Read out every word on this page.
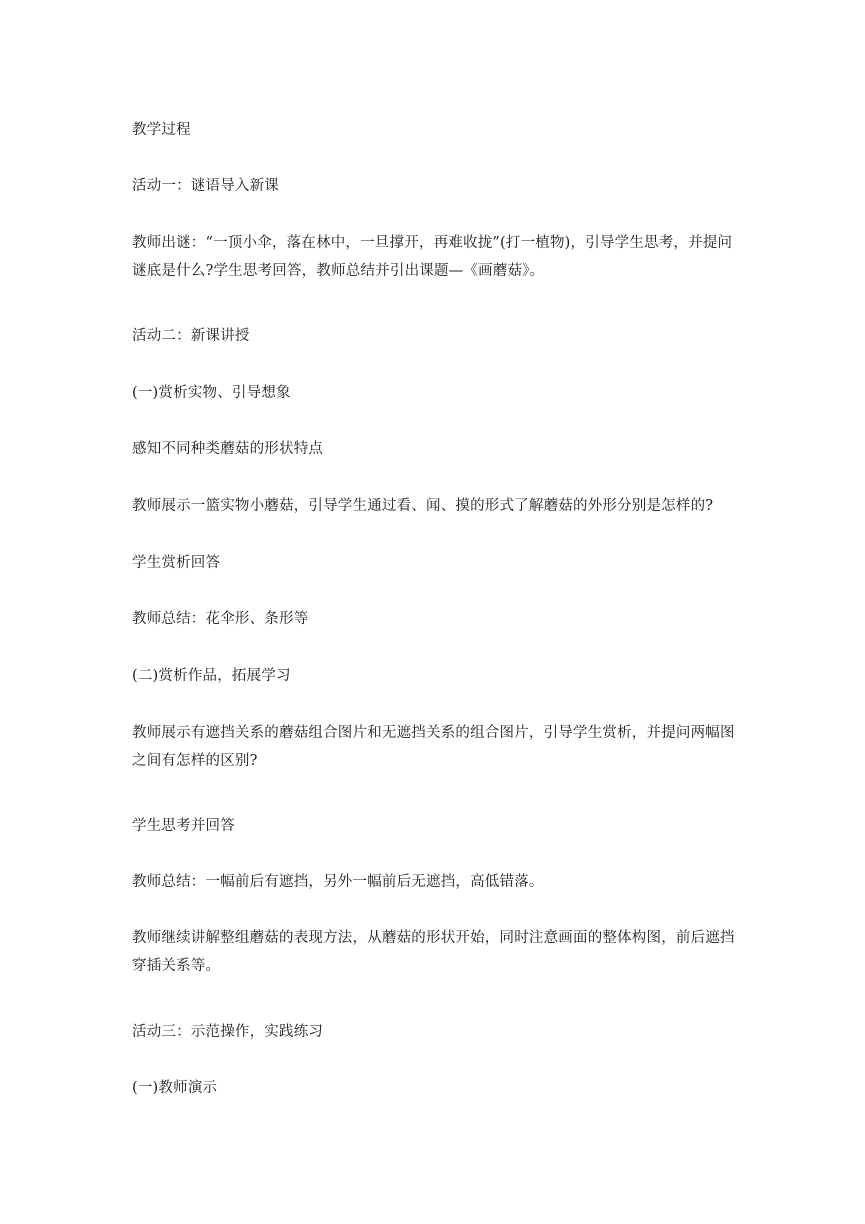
教学过程

活动一：谜语导入新课

教师出谜：“一顶小伞，落在林中，一旦撑开，再难收拢”(打一植物)，引导学生思考，并提问谜底是什么?学生思考回答，教师总结并引出课题—《画蘑菇》。

活动二：新课讲授

(一)赏析实物、引导想象

感知不同种类蘑菇的形状特点

教师展示一篮实物小蘑菇，引导学生通过看、闻、摸的形式了解蘑菇的外形分别是怎样的?

学生赏析回答

教师总结：花伞形、条形等

(二)赏析作品，拓展学习

教师展示有遮挡关系的蘑菇组合图片和无遮挡关系的组合图片，引导学生赏析，并提问两幅图之间有怎样的区别?

学生思考并回答

教师总结：一幅前后有遮挡，另外一幅前后无遮挡，高低错落。

教师继续讲解整组蘑菇的表现方法，从蘑菇的形状开始，同时注意画面的整体构图，前后遮挡穿插关系等。

活动三：示范操作，实践练习

(一)教师演示
